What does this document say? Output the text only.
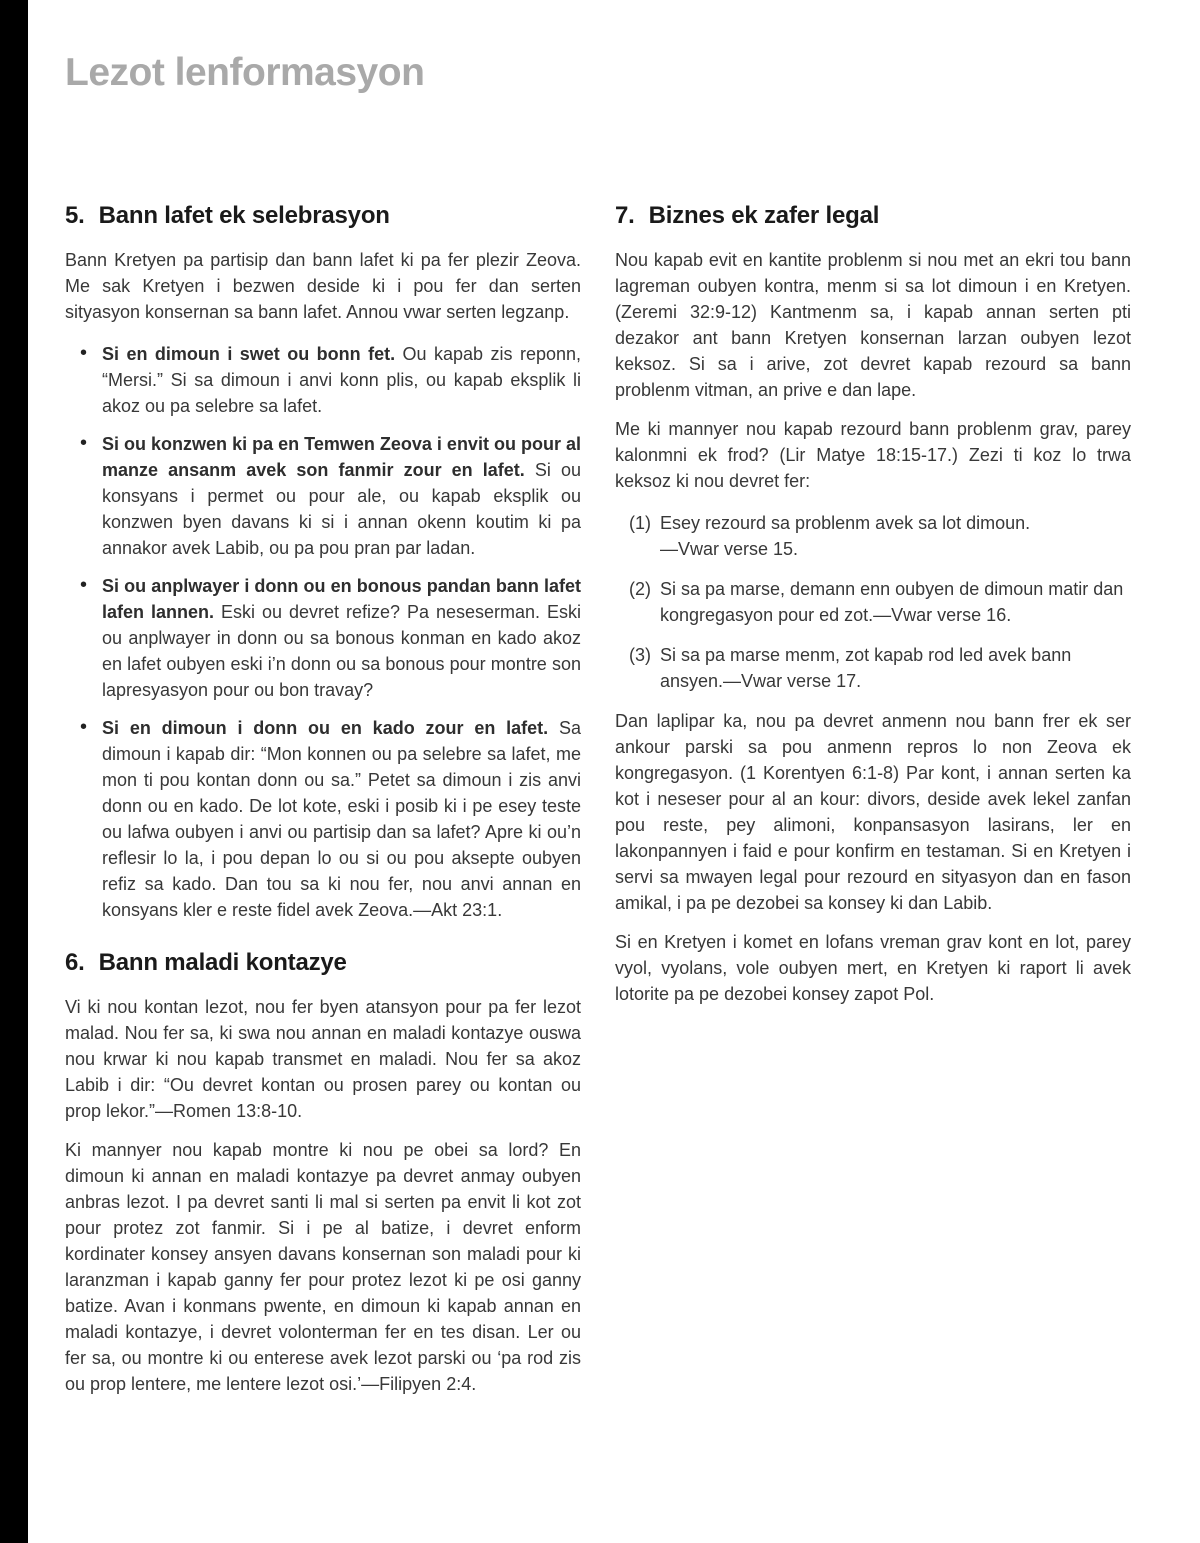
Lezot lenformasyon
5. Bann lafet ek selebrasyon

Bann Kretyen pa partisip dan bann lafet ki pa fer plezir Zeova. Me sak Kretyen i bezwen deside ki i pou fer dan serten sityasyon konsernan sa bann lafet. Annou vwar serten legzanp.

• Si en dimoun i swet ou bonn fet. Ou kapab zis reponn, “Mersi.” Si sa dimoun i anvi konn plis, ou kapab eksplik li akoz ou pa selebre sa lafet.
• Si ou konzwen ki pa en Temwen Zeova i envit ou pour al manze ansanm avek son fanmir zour en lafet. Si ou konsyans i permet ou pour ale, ou kapab eksplik ou konzwen byen davans ki si i annan okenn koutim ki pa annakor avek Labib, ou pa pou pran par ladan.
• Si ou anplwayer i donn ou en bonous pandan bann lafet lafen lannen. Eski ou devret refize? Pa neseserman. Eski ou anplwayer in donn ou sa bonous konman en kado akoz en lafet oubyen eski i’n donn ou sa bonous pour montre son lapresyasyon pour ou bon travay?
• Si en dimoun i donn ou en kado zour en lafet. Sa dimoun i kapab dir: “Mon konnen ou pa selebre sa lafet, me mon ti pou kontan donn ou sa.” Petet sa dimoun i zis anvi donn ou en kado. De lot kote, eski i posib ki i pe esey teste ou lafwa oubyen i anvi ou partisip dan sa lafet? Apre ki ou’n reflesir lo la, i pou depan lo ou si ou pou aksepte oubyen refiz sa kado. Dan tou sa ki nou fer, nou anvi annan en konsyans kler e reste fidel avek Zeova.—Akt 23:1.
6. Bann maladi kontazye

Vi ki nou kontan lezot, nou fer byen atansyon pour pa fer lezot malad. Nou fer sa, ki swa nou annan en maladi kontazye ouswa nou krwar ki nou kapab transmet en maladi. Nou fer sa akoz Labib i dir: “Ou devret kontan ou prosen parey ou kontan ou prop lekor.”—Romen 13:8-10.

Ki mannyer nou kapab montre ki nou pe obei sa lord? En dimoun ki annan en maladi kontazye pa devret anmay oubyen anbras lezot. I pa devret santi li mal si serten pa envit li kot zot pour protez zot fanmir. Si i pe al batize, i devret enform kordinater konsey ansyen davans konsernan son maladi pour ki laranzman i kapab ganny fer pour protez lezot ki pe osi ganny batize. Avan i konmans pwente, en dimoun ki kapab annan en maladi kontazye, i devret volonterman fer en tes disan. Ler ou fer sa, ou montre ki ou enterese avek lezot parski ou ‘pa rod zis ou prop lentere, me lentere lezot osi.’—Filipyen 2:4.

7. Biznes ek zafer legal

Nou kapab evit en kantite problenm si nou met an ekri tou bann lagreman oubyen kontra, menm si sa lot dimoun i en Kretyen. (Zeremi 32:9-12) Kantmenm sa, i kapab annan serten pti dezakor ant bann Kretyen konsernan larzan oubyen lezot keksoz. Si sa i arive, zot devret kapab rezourd sa bann problenm vitman, an prive e dan lape.

Me ki mannyer nou kapab rezourd bann problenm grav, parey kalonmni ek frod? (Lir Matye 18:15-17.) Zezi ti koz lo trwa keksoz ki nou devret fer:

(1) Esey rezourd sa problenm avek sa lot dimoun.
—Vwar verse 15.
(2) Si sa pa marse, demann enn oubyen de dimoun matir dan kongregasyon pour ed zot.—Vwar verse 16.
(3) Si sa pa marse menm, zot kapab rod led avek bann ansyen.—Vwar verse 17.

Dan laplipar ka, nou pa devret anmenn nou bann frer ek ser ankour parski sa pou anmenn repros lo non Zeova ek kongregasyon. (1 Korentyen 6:1-8) Par kont, i annan serten ka kot i neseser pour al an kour: divors, deside avek lekel zanfan pou reste, pey alimoni, konpansasyon lasirans, ler en lakonpannyen i faid e pour konfirm en testaman. Si en Kretyen i servi sa mwayen legal pour rezourd en sityasyon dan en fason amikal, i pa pe dezobei sa konsey ki dan Labib.

Si en Kretyen i komet en lofans vreman grav kont en lot, parey vyol, vyolans, vole oubyen mert, en Kretyen ki raport li avek lotorite pa pe dezobei konsey zapot Pol.
